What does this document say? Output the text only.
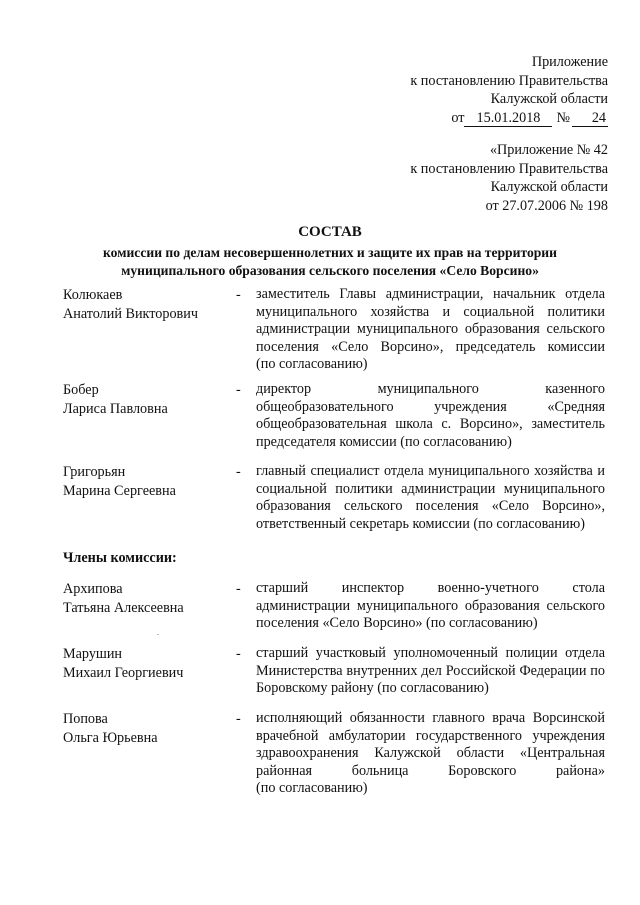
Приложение
к постановлению Правительства
Калужской области
от 15.01.2018 № 24
«Приложение № 42
к постановлению Правительства
Калужской области
от 27.07.2006 № 198
СОСТАВ
комиссии по делам несовершеннолетних и защите их прав на территории
муниципального образования сельского поселения «Село Ворсино»
Колюкаев
Анатолий Викторович
-	заместитель Главы администрации, начальник отдела
муниципального хозяйства и социальной политики
администрации муниципального образования сельского
поселения «Село Ворсино», председатель комиссии
(по согласованию)
Бобер
Лариса Павловна
-	директор муниципального казенного
общеобразовательного учреждения «Средняя
общеобразовательная школа с. Ворсино», заместитель
председателя комиссии (по согласованию)
Григорьян
Марина Сергеевна
-	главный специалист отдела муниципального хозяйства и
социальной политики администрации муниципального
образования сельского поселения «Село Ворсино»,
ответственный секретарь комиссии (по согласованию)
Члены комиссии:
Архипова
Татьяна Алексеевна
-	старший инспектор военно-учетного стола
администрации муниципального образования сельского
поселения «Село Ворсино» (по согласованию)
Марушин
Михаил Георгиевич
-	старший участковый уполномоченный полиции отдела
Министерства внутренних дел Российской Федерации по
Боровскому району (по согласованию)
Попова
Ольга Юрьевна
-	исполняющий обязанности главного врача Ворсинской
врачебной амбулатории государственного учреждения
здравоохранения Калужской области «Центральная
районная больница Боровского района»
(по согласованию)
